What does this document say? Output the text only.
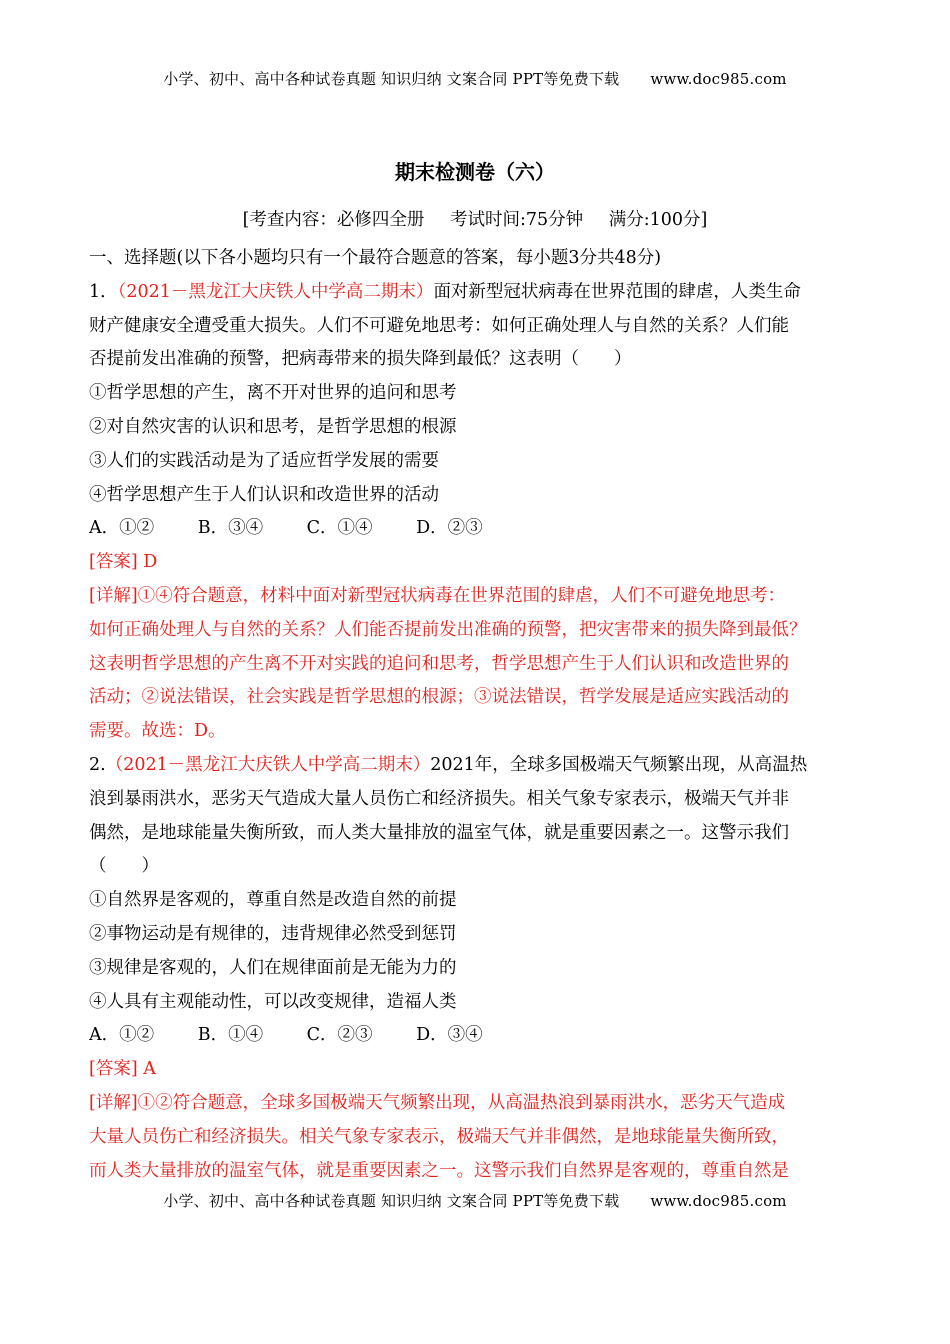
小学、初中、高中各种试卷真题 知识归纳 文案合同 PPT等免费下载 www.doc985.com
期末检测卷（六）
[考查内容：必修四全册 考试时间:75分钟 满分:100分]
一、选择题(以下各小题均只有一个最符合题意的答案，每小题3分共48分)
1．（2021－黑龙江大庆铁人中学高二期末）面对新型冠状病毒在世界范围的肆虐，人类生命
财产健康安全遭受重大损失。人们不可避免地思考：如何正确处理人与自然的关系？人们能
否提前发出准确的预警，把病毒带来的损失降到最低？这表明（　　）
①哲学思想的产生，离不开对世界的追问和思考
②对自然灾害的认识和思考，是哲学思想的根源
③人们的实践活动是为了适应哲学发展的需要
④哲学思想产生于人们认识和改造世界的活动
A．①② B．③④ C．①④ D．②③
[答案] D
[详解]①④符合题意，材料中面对新型冠状病毒在世界范围的肆虐，人们不可避免地思考：
如何正确处理人与自然的关系？人们能否提前发出准确的预警，把灾害带来的损失降到最低？
这表明哲学思想的产生离不开对实践的追问和思考，哲学思想产生于人们认识和改造世界的
活动；②说法错误，社会实践是哲学思想的根源；③说法错误，哲学发展是适应实践活动的
需要。故选：D。
2.（2021－黑龙江大庆铁人中学高二期末）2021年，全球多国极端天气频繁出现，从高温热
浪到暴雨洪水，恶劣天气造成大量人员伤亡和经济损失。相关气象专家表示，极端天气并非
偶然，是地球能量失衡所致，而人类大量排放的温室气体，就是重要因素之一。这警示我们
（　　）
①自然界是客观的，尊重自然是改造自然的前提
②事物运动是有规律的，违背规律必然受到惩罚
③规律是客观的，人们在规律面前是无能为力的
④人具有主观能动性，可以改变规律，造福人类
A．①② B．①④ C．②③ D．③④
[答案] A
[详解]①②符合题意，全球多国极端天气频繁出现，从高温热浪到暴雨洪水，恶劣天气造成
大量人员伤亡和经济损失。相关气象专家表示，极端天气并非偶然，是地球能量失衡所致，
而人类大量排放的温室气体，就是重要因素之一。这警示我们自然界是客观的，尊重自然是
小学、初中、高中各种试卷真题 知识归纳 文案合同 PPT等免费下载 www.doc985.com
